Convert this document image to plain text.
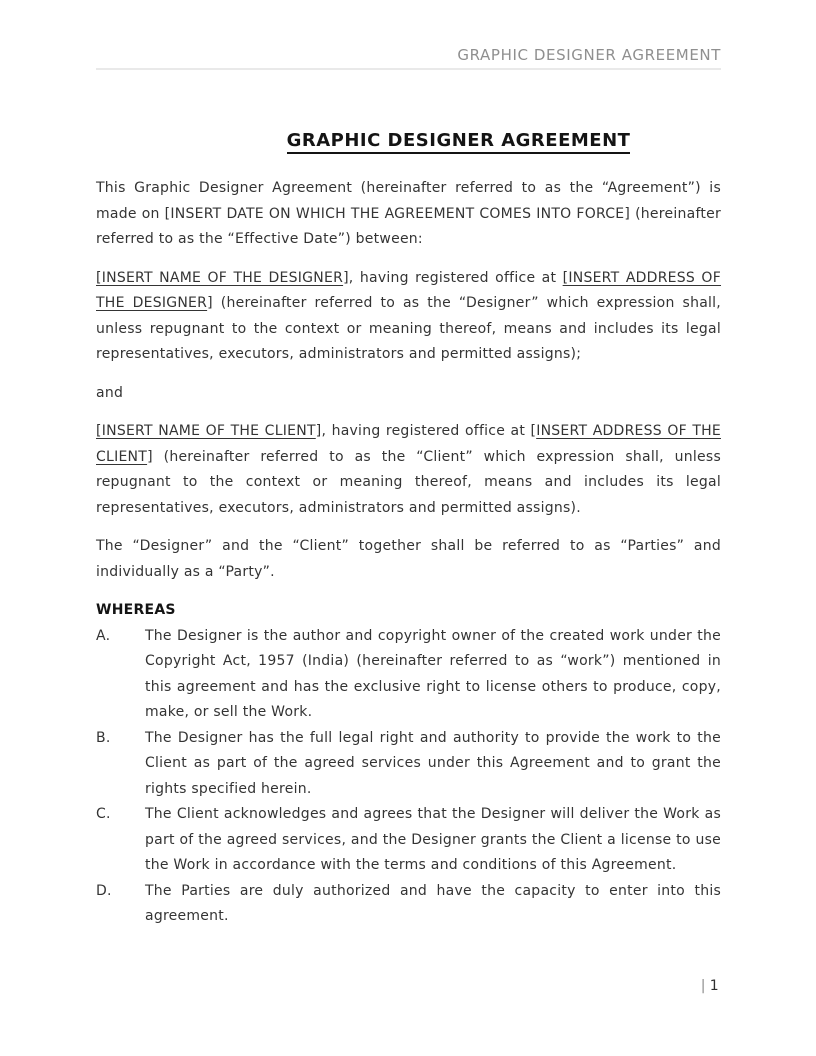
GRAPHIC DESIGNER AGREEMENT
GRAPHIC DESIGNER AGREEMENT

This Graphic Designer Agreement (hereinafter referred to as the “Agreement”) is made on [INSERT DATE ON WHICH THE AGREEMENT COMES INTO FORCE] (hereinafter referred to as the “Effective Date”) between:

[INSERT NAME OF THE DESIGNER], having registered office at [INSERT ADDRESS OF THE DESIGNER] (hereinafter referred to as the “Designer” which expression shall, unless repugnant to the context or meaning thereof, means and includes its legal representatives, executors, administrators and permitted assigns);

and

[INSERT NAME OF THE CLIENT], having registered office at [INSERT ADDRESS OF THE CLIENT] (hereinafter referred to as the “Client” which expression shall, unless repugnant to the context or meaning thereof, means and includes its legal representatives, executors, administrators and permitted assigns).

The “Designer” and the “Client” together shall be referred to as “Parties” and individually as a “Party”.

WHEREAS

A. The Designer is the author and copyright owner of the created work under the Copyright Act, 1957 (India) (hereinafter referred to as “work”) mentioned in this agreement and has the exclusive right to license others to produce, copy, make, or sell the Work.

B. The Designer has the full legal right and authority to provide the work to the Client as part of the agreed services under this Agreement and to grant the rights specified herein.

C. The Client acknowledges and agrees that the Designer will deliver the Work as part of the agreed services, and the Designer grants the Client a license to use the Work in accordance with the terms and conditions of this Agreement.

D. The Parties are duly authorized and have the capacity to enter into this agreement.

| 1
